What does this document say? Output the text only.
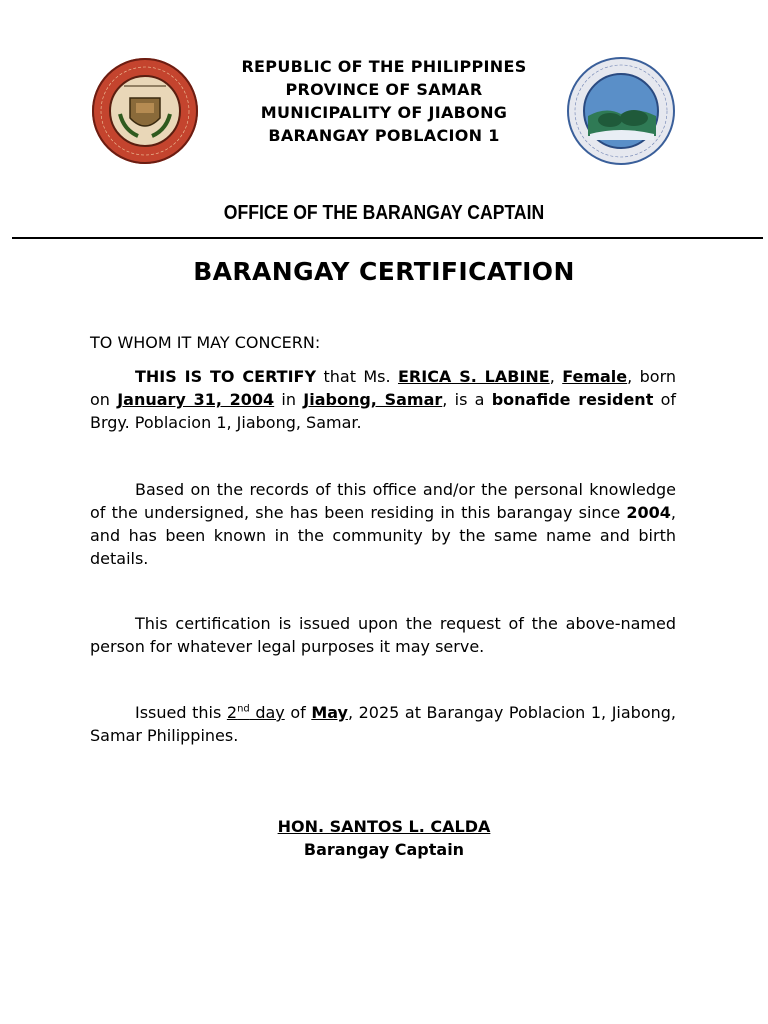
REPUBLIC OF THE PHILIPPINES
PROVINCE OF SAMAR
MUNICIPALITY OF JIABONG
BARANGAY POBLACION 1
OFFICE OF THE BARANGAY CAPTAIN
BARANGAY CERTIFICATION
TO WHOM IT MAY CONCERN:
THIS IS TO CERTIFY that Ms. ERICA S. LABINE, Female, born on January 31, 2004 in Jiabong, Samar, is a bonafide resident of Brgy. Poblacion 1, Jiabong, Samar.
Based on the records of this office and/or the personal knowledge of the undersigned, she has been residing in this barangay since 2004, and has been known in the community by the same name and birth details.
This certification is issued upon the request of the above-named person for whatever legal purposes it may serve.
Issued this 2nd day of May, 2025 at Barangay Poblacion 1, Jiabong, Samar Philippines.
HON. SANTOS L. CALDA
Barangay Captain
